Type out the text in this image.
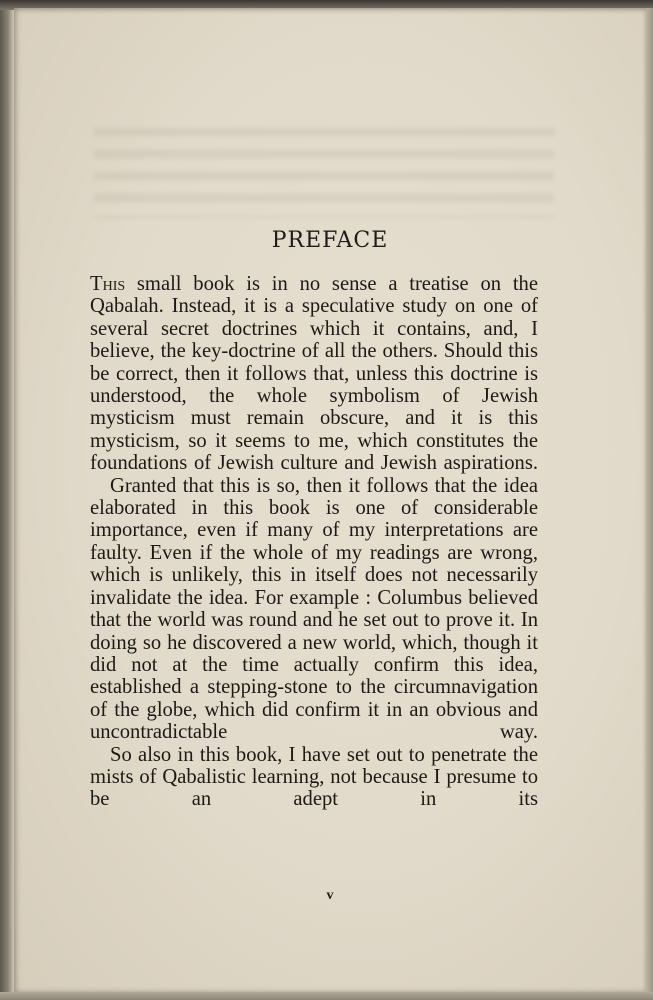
PREFACE

This small book is in no sense a treatise on the Qabalah. Instead, it is a speculative study on one of several secret doctrines which it contains, and, I believe, the key-doctrine of all the others. Should this be correct, then it follows that, unless this doctrine is understood, the whole symbolism of Jewish mysticism must remain obscure, and it is this mysticism, so it seems to me, which constitutes the foundations of Jewish culture and Jewish aspirations.

Granted that this is so, then it follows that the idea elaborated in this book is one of considerable importance, even if many of my interpretations are faulty. Even if the whole of my readings are wrong, which is unlikely, this in itself does not necessarily invalidate the idea. For example : Columbus believed that the world was round and he set out to prove it. In doing so he discovered a new world, which, though it did not at the time actually confirm this idea, established a stepping-stone to the circumnavigation of the globe, which did confirm it in an obvious and uncontradictable way.

So also in this book, I have set out to penetrate the mists of Qabalistic learning, not because I presume to be an adept in its

v
